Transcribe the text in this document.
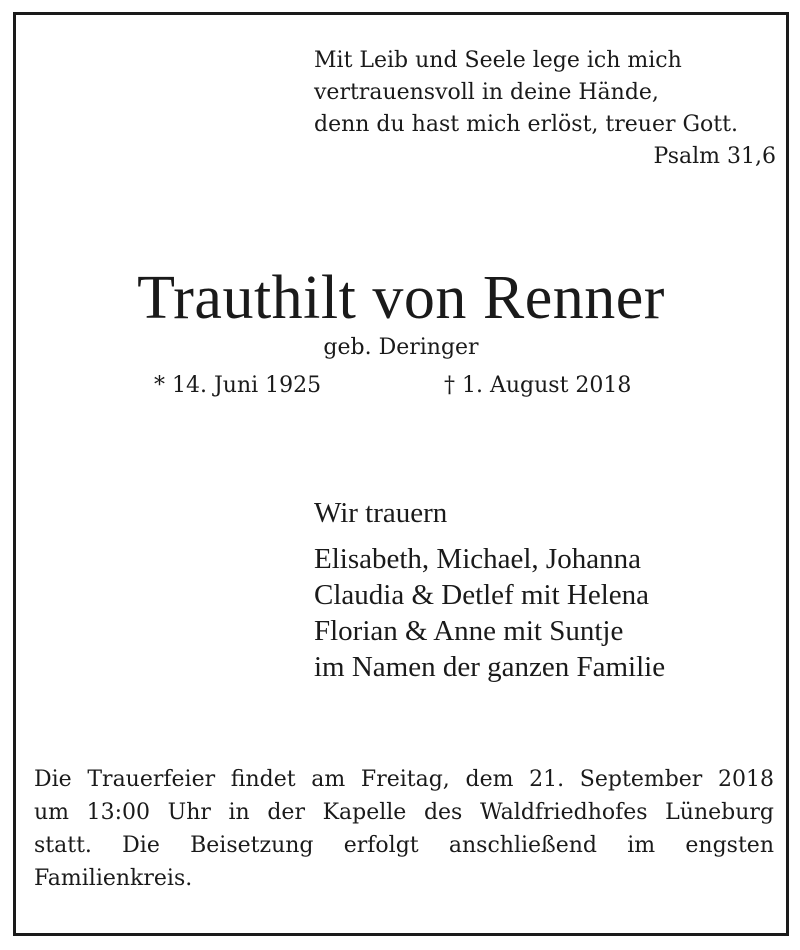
Mit Leib und Seele lege ich mich
vertrauensvoll in deine Hände,
denn du hast mich erlöst, treuer Gott.
Psalm 31,6
Trauthilt von Renner
geb. Deringer
* 14. Juni 1925	† 1. August 2018
Wir trauern
Elisabeth, Michael, Johanna
Claudia & Detlef mit Helena
Florian & Anne mit Suntje
im Namen der ganzen Familie
Die Trauerfeier findet am Freitag, dem 21. September 2018
um 13:00 Uhr in der Kapelle des Waldfriedhofes Lüneburg
statt. Die Beisetzung erfolgt anschließend im engsten
Familienkreis.
